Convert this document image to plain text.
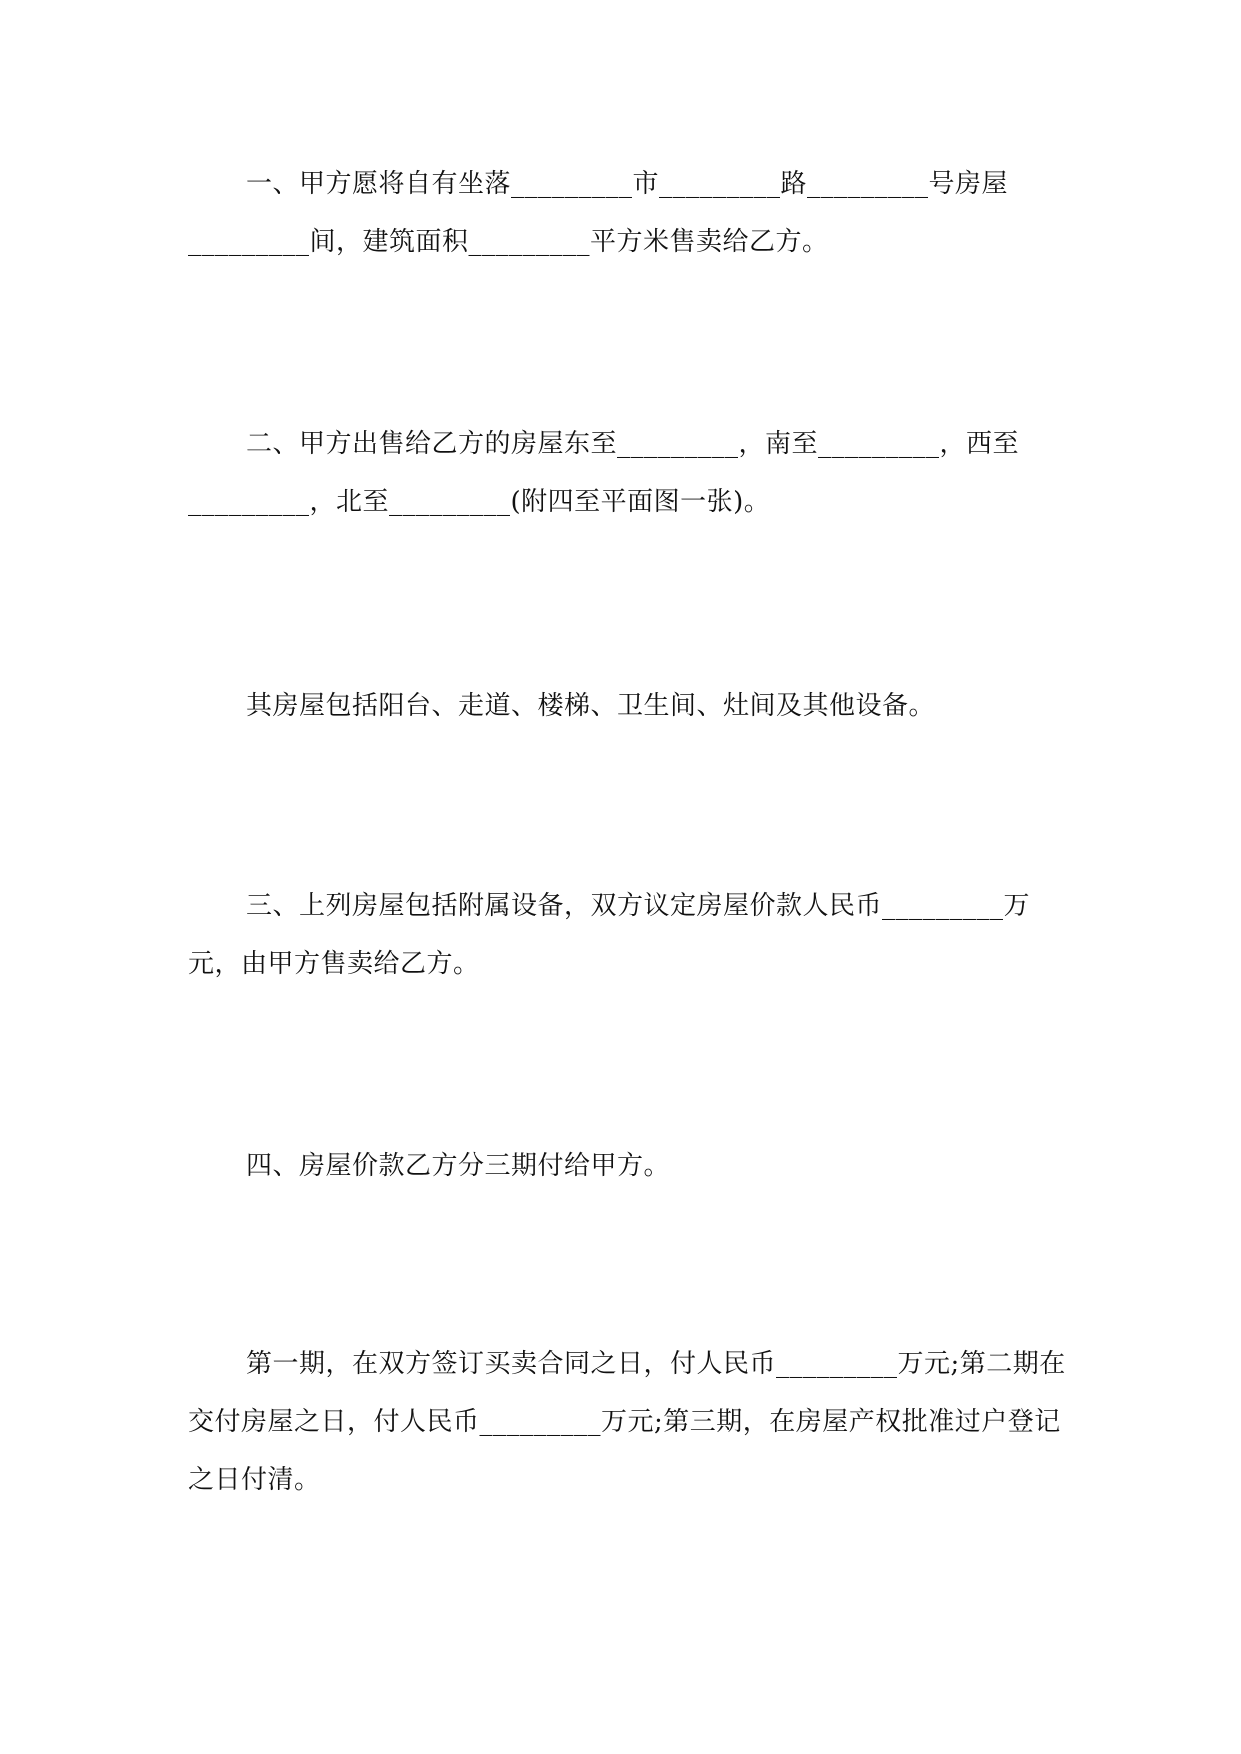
一、甲方愿将自有坐落_________市_________路_________号房屋_________间，建筑面积_________平方米售卖给乙方。

二、甲方出售给乙方的房屋东至_________，南至_________，西至_________，北至_________(附四至平面图一张)。

其房屋包括阳台、走道、楼梯、卫生间、灶间及其他设备。

三、上列房屋包括附属设备，双方议定房屋价款人民币_________万元，由甲方售卖给乙方。

四、房屋价款乙方分三期付给甲方。

第一期，在双方签订买卖合同之日，付人民币_________万元;第二期在交付房屋之日，付人民币_________万元;第三期，在房屋产权批准过户登记之日付清。
